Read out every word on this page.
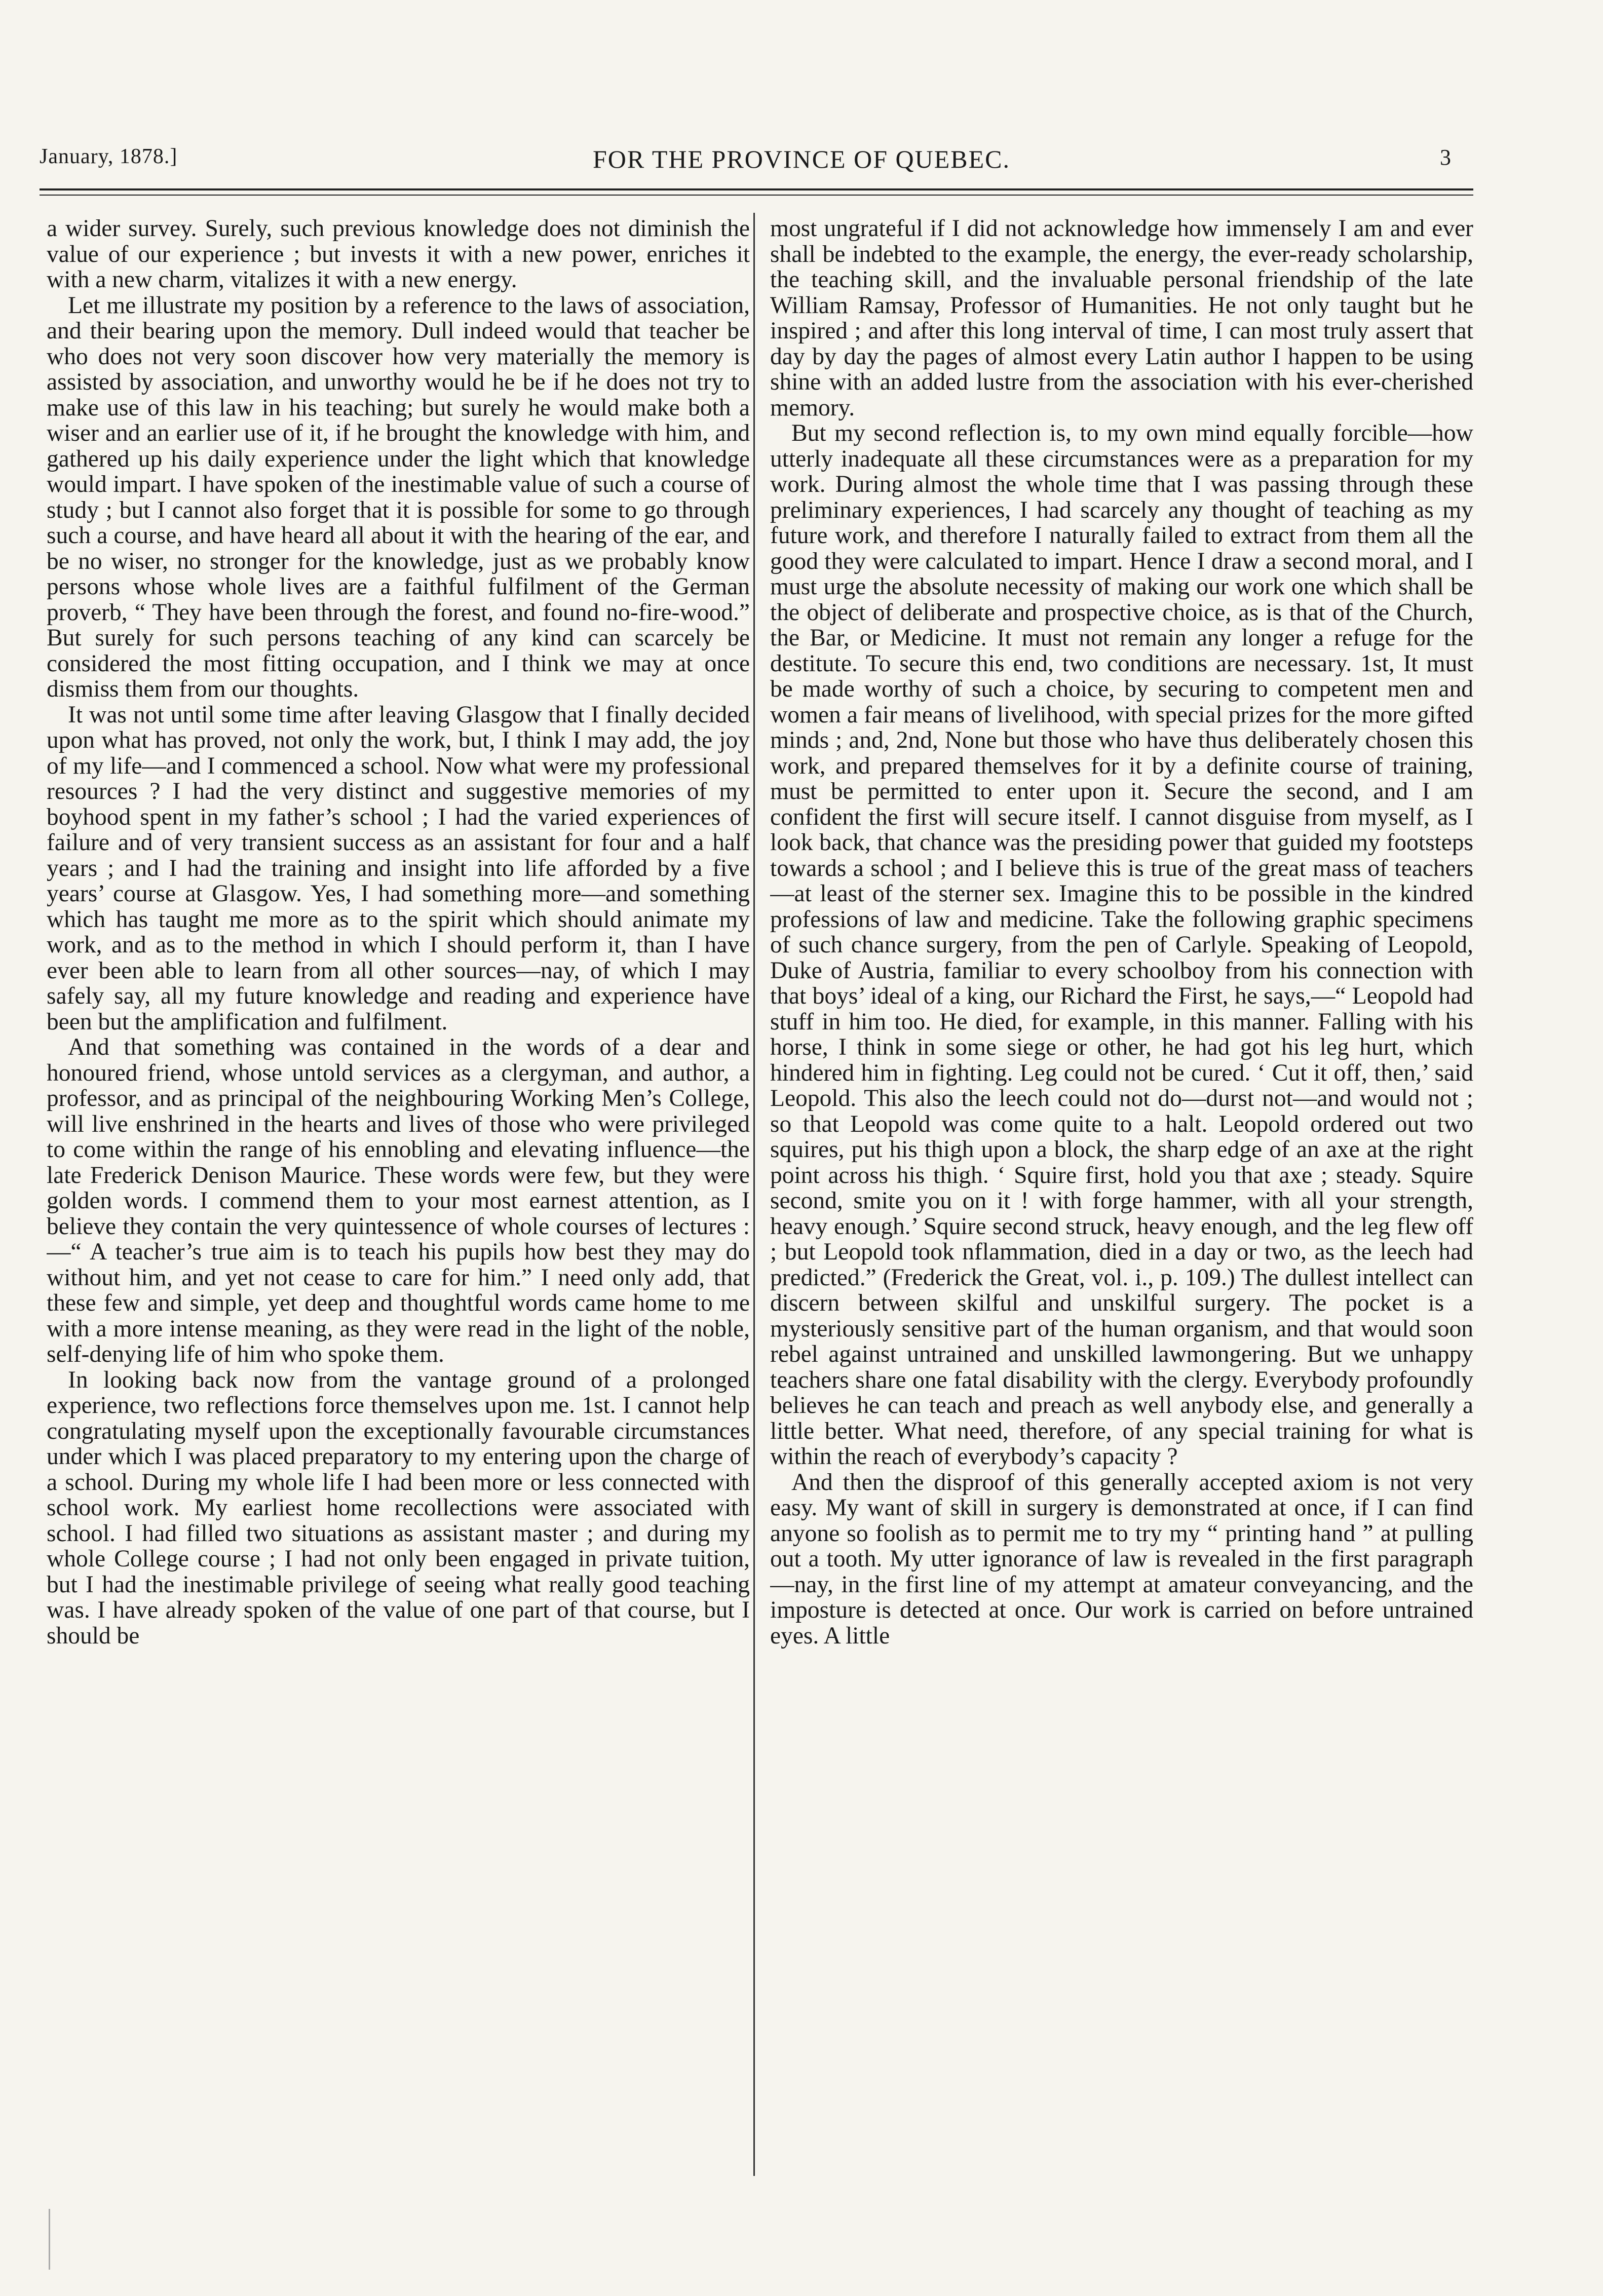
January, 1878.]	FOR THE PROVINCE OF QUEBEC.	3

a wider survey. Surely, such previous knowledge does not diminish the value of our experience ; but invests it with a new power, enriches it with a new charm, vitalizes it with a new energy.

Let me illustrate my position by a reference to the laws of association, and their bearing upon the memory. Dull indeed would that teacher be who does not very soon discover how very materially the memory is assisted by association, and unworthy would he be if he does not try to make use of this law in his teaching; but surely he would make both a wiser and an earlier use of it, if he brought the knowledge with him, and gathered up his daily experience under the light which that knowledge would impart. I have spoken of the inestimable value of such a course of study ; but I cannot also forget that it is possible for some to go through such a course, and have heard all about it with the hearing of the ear, and be no wiser, no stronger for the knowledge, just as we probably know persons whose whole lives are a faithful fulfilment of the German proverb, “ They have been through the forest, and found no-fire-wood.” But surely for such persons teaching of any kind can scarcely be considered the most fitting occupation, and I think we may at once dismiss them from our thoughts.

It was not until some time after leaving Glasgow that I finally decided upon what has proved, not only the work, but, I think I may add, the joy of my life—and I commenced a school. Now what were my professional resources ? I had the very distinct and suggestive memories of my boyhood spent in my father’s school ; I had the varied experiences of failure and of very transient success as an assistant for four and a half years ; and I had the training and insight into life afforded by a five years’ course at Glasgow. Yes, I had something more—and something which has taught me more as to the spirit which should animate my work, and as to the method in which I should perform it, than I have ever been able to learn from all other sources—nay, of which I may safely say, all my future knowledge and reading and experience have been but the amplification and fulfilment.

And that something was contained in the words of a dear and honoured friend, whose untold services as a clergyman, and author, a professor, and as principal of the neighbouring Working Men’s College, will live enshrined in the hearts and lives of those who were privileged to come within the range of his ennobling and elevating influence—the late Frederick Denison Maurice. These words were few, but they were golden words. I commend them to your most earnest attention, as I believe they contain the very quintessence of whole courses of lectures :—“ A teacher’s true aim is to teach his pupils how best they may do without him, and yet not cease to care for him.” I need only add, that these few and simple, yet deep and thoughtful words came home to me with a more intense meaning, as they were read in the light of the noble, self-denying life of him who spoke them.

In looking back now from the vantage ground of a prolonged experience, two reflections force themselves upon me. 1st. I cannot help congratulating myself upon the exceptionally favourable circumstances under which I was placed preparatory to my entering upon the charge of a school. During my whole life I had been more or less connected with school work. My earliest home recollections were associated with school. I had filled two situations as assistant master ; and during my whole College course ; I had not only been engaged in private tuition, but I had the inestimable privilege of seeing what really good teaching was. I have already spoken of the value of one part of that course, but I should be

most ungrateful if I did not acknowledge how immensely I am and ever shall be indebted to the example, the energy, the ever-ready scholarship, the teaching skill, and the invaluable personal friendship of the late William Ramsay, Professor of Humanities. He not only taught but he inspired ; and after this long interval of time, I can most truly assert that day by day the pages of almost every Latin author I happen to be using shine with an added lustre from the association with his ever-cherished memory.

But my second reflection is, to my own mind equally forcible—how utterly inadequate all these circumstances were as a preparation for my work. During almost the whole time that I was passing through these preliminary experiences, I had scarcely any thought of teaching as my future work, and therefore I naturally failed to extract from them all the good they were calculated to impart. Hence I draw a second moral, and I must urge the absolute necessity of making our work one which shall be the object of deliberate and prospective choice, as is that of the Church, the Bar, or Medicine. It must not remain any longer a refuge for the destitute. To secure this end, two conditions are necessary. 1st, It must be made worthy of such a choice, by securing to competent men and women a fair means of livelihood, with special prizes for the more gifted minds ; and, 2nd, None but those who have thus deliberately chosen this work, and prepared themselves for it by a definite course of training, must be permitted to enter upon it. Secure the second, and I am confident the first will secure itself. I cannot disguise from myself, as I look back, that chance was the presiding power that guided my footsteps towards a school ; and I believe this is true of the great mass of teachers—at least of the sterner sex. Imagine this to be possible in the kindred professions of law and medicine. Take the following graphic specimens of such chance surgery, from the pen of Carlyle. Speaking of Leopold, Duke of Austria, familiar to every schoolboy from his connection with that boys’ ideal of a king, our Richard the First, he says,—“ Leopold had stuff in him too. He died, for example, in this manner. Falling with his horse, I think in some siege or other, he had got his leg hurt, which hindered him in fighting. Leg could not be cured. ‘ Cut it off, then,’ said Leopold. This also the leech could not do—durst not—and would not ; so that Leopold was come quite to a halt. Leopold ordered out two squires, put his thigh upon a block, the sharp edge of an axe at the right point across his thigh. ‘ Squire first, hold you that axe ; steady. Squire second, smite you on it ! with forge hammer, with all your strength, heavy enough.’ Squire second struck, heavy enough, and the leg flew off ; but Leopold took nflammation, died in a day or two, as the leech had predicted.” (Frederick the Great, vol. i., p. 109.) The dullest intellect can discern between skilful and unskilful surgery. The pocket is a mysteriously sensitive part of the human organism, and that would soon rebel against untrained and unskilled lawmongering. But we unhappy teachers share one fatal disability with the clergy. Everybody profoundly believes he can teach and preach as well anybody else, and generally a little better. What need, therefore, of any special training for what is within the reach of everybody’s capacity ?

And then the disproof of this generally accepted axiom is not very easy. My want of skill in surgery is demonstrated at once, if I can find anyone so foolish as to permit me to try my “ printing hand ” at pulling out a tooth. My utter ignorance of law is revealed in the first paragraph—nay, in the first line of my attempt at amateur conveyancing, and the imposture is detected at once. Our work is carried on before untrained eyes. A little
